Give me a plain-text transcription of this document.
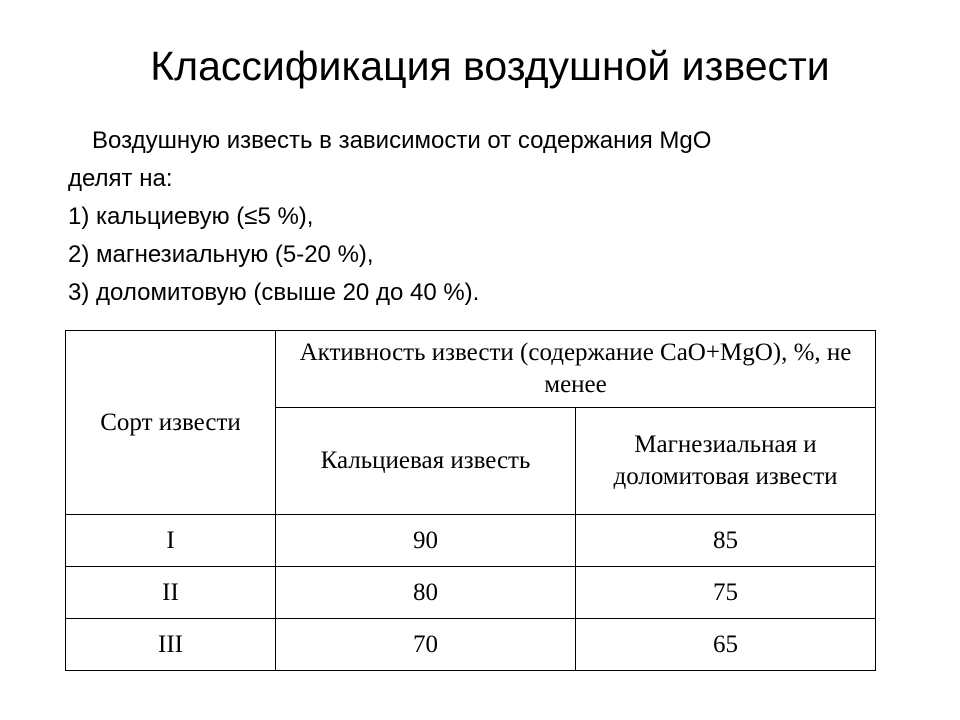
Классификация воздушной извести
Воздушную известь в зависимости от содержания MgO
делят на:
1) кальциевую (≤5 %),
2) магнезиальную (5-20 %),
3) доломитовую (свыше 20 до 40 %).
Сорт извести	Активность извести (содержание CaO+MgO), %, не менее	
	Кальциевая известь	Магнезиальная и доломитовая извести
I	90	85
II	80	75
III	70	65
